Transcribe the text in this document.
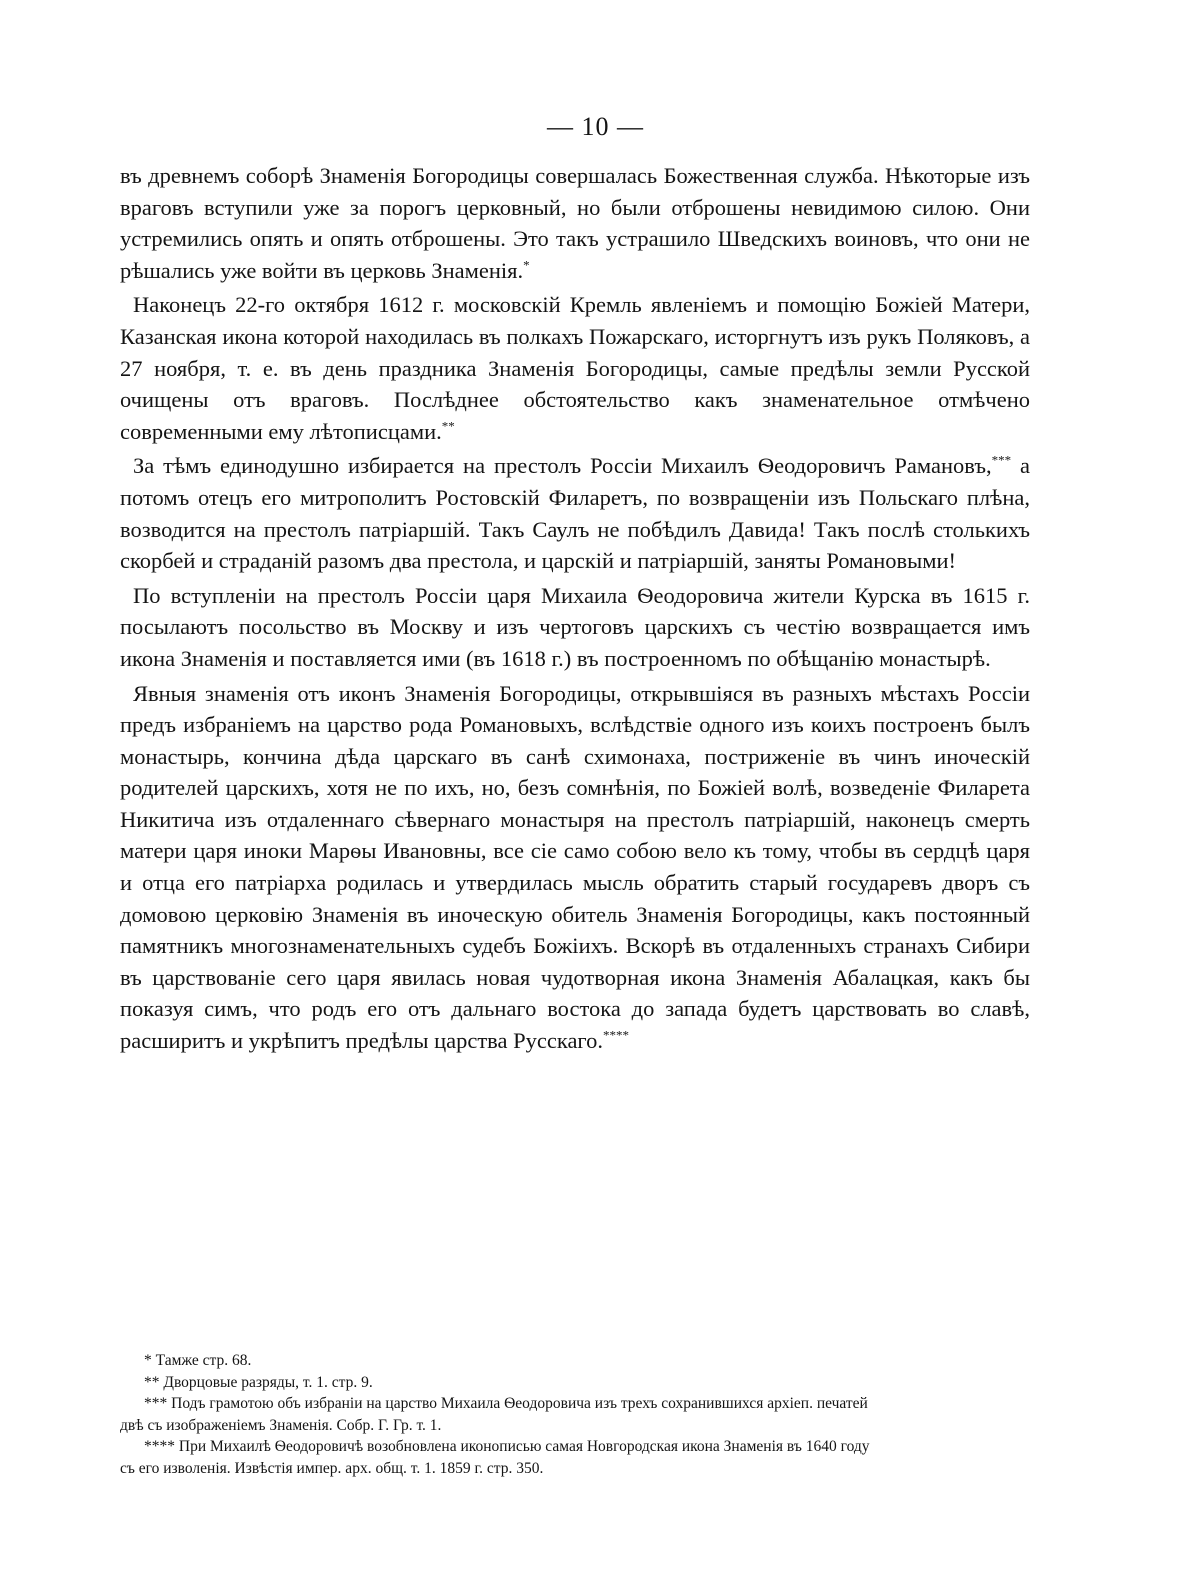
— 10 —

въ древнемъ соборѣ Знаменія Богородицы совершалась Божественная служба. Нѣкоторые изъ враговъ вступили уже за порогъ церковный, но были отброшены невидимою силою. Они устремились опять и опять отброшены. Это такъ устрашило Шведскихъ воиновъ, что они не рѣшались уже войти въ церковь Знаменія.*

Наконецъ 22-го октября 1612 г. московскій Кремль явленіемъ и помощію Божіей Матери, Казанская икона которой находилась въ полкахъ Пожарскаго, исторгнутъ изъ рукъ Поляковъ, а 27 ноября, т. е. въ день праздника Знаменія Богородицы, самые предѣлы земли Русской очищены отъ враговъ. Послѣднее обстоятельство какъ знаменательное отмѣчено современными ему лѣтописцами.**

За тѣмъ единодушно избирается на престолъ Россіи Михаилъ Ѳеодоровичъ Рамановъ,*** а потомъ отецъ его митрополитъ Ростовскій Филаретъ, по возвращеніи изъ Польскаго плѣна, возводится на престолъ патріаршій. Такъ Саулъ не побѣдилъ Давида! Такъ послѣ столькихъ скорбей и страданій разомъ два престола, и царскій и патріаршій, заняты Романовыми!

По вступленіи на престолъ Россіи царя Михаила Ѳеодоровича жители Курска въ 1615 г. посылаютъ посольство въ Москву и изъ чертоговъ царскихъ съ честію возвращается имъ икона Знаменія и поставляется ими (въ 1618 г.) въ построенномъ по обѣщанію монастырѣ.

Явныя знаменія отъ иконъ Знаменія Богородицы, открывшіяся въ разныхъ мѣстахъ Россіи предъ избраніемъ на царство рода Романовыхъ, вслѣдствіе одного изъ коихъ построенъ былъ монастырь, кончина дѣда царскаго въ санѣ схимонаха, постриженіе въ чинъ иноческій родителей царскихъ, хотя не по ихъ, но, безъ сомнѣнія, по Божіей волѣ, возведеніе Филарета Никитича изъ отдаленнаго сѣвернаго монастыря на престолъ патріаршій, наконецъ смерть матери царя иноки Марѳы Ивановны, все сіе само собою вело къ тому, чтобы въ сердцѣ царя и отца его патріарха родилась и утвердилась мысль обратить старый государевъ дворъ съ домовою церковію Знаменія въ иноческую обитель Знаменія Богородицы, какъ постоянный памятникъ многознаменательныхъ судебъ Божіихъ. Вскорѣ въ отдаленныхъ странахъ Сибири въ царствованіе сего царя явилась новая чудотворная икона Знаменія Абалацкая, какъ бы показуя симъ, что родъ его отъ дальнаго востока до запада будетъ царствовать во славѣ, расширитъ и укрѣпитъ предѣлы царства Русскаго.****

* Тамже стр. 68.

** Дворцовые разряды, т. 1. стр. 9.

*** Подъ грамотою объ избраніи на царство Михаила Ѳеодоровича изъ трехъ сохранившихся архіеп. печатей

двѣ съ изображеніемъ Знаменія. Собр. Г. Гр. т. 1.

**** При Михаилѣ Ѳеодоровичѣ возобновлена иконописью самая Новгородская икона Знаменія въ 1640 году

съ его изволенія. Извѣстія импер. арх. общ. т. 1. 1859 г. стр. 350.
